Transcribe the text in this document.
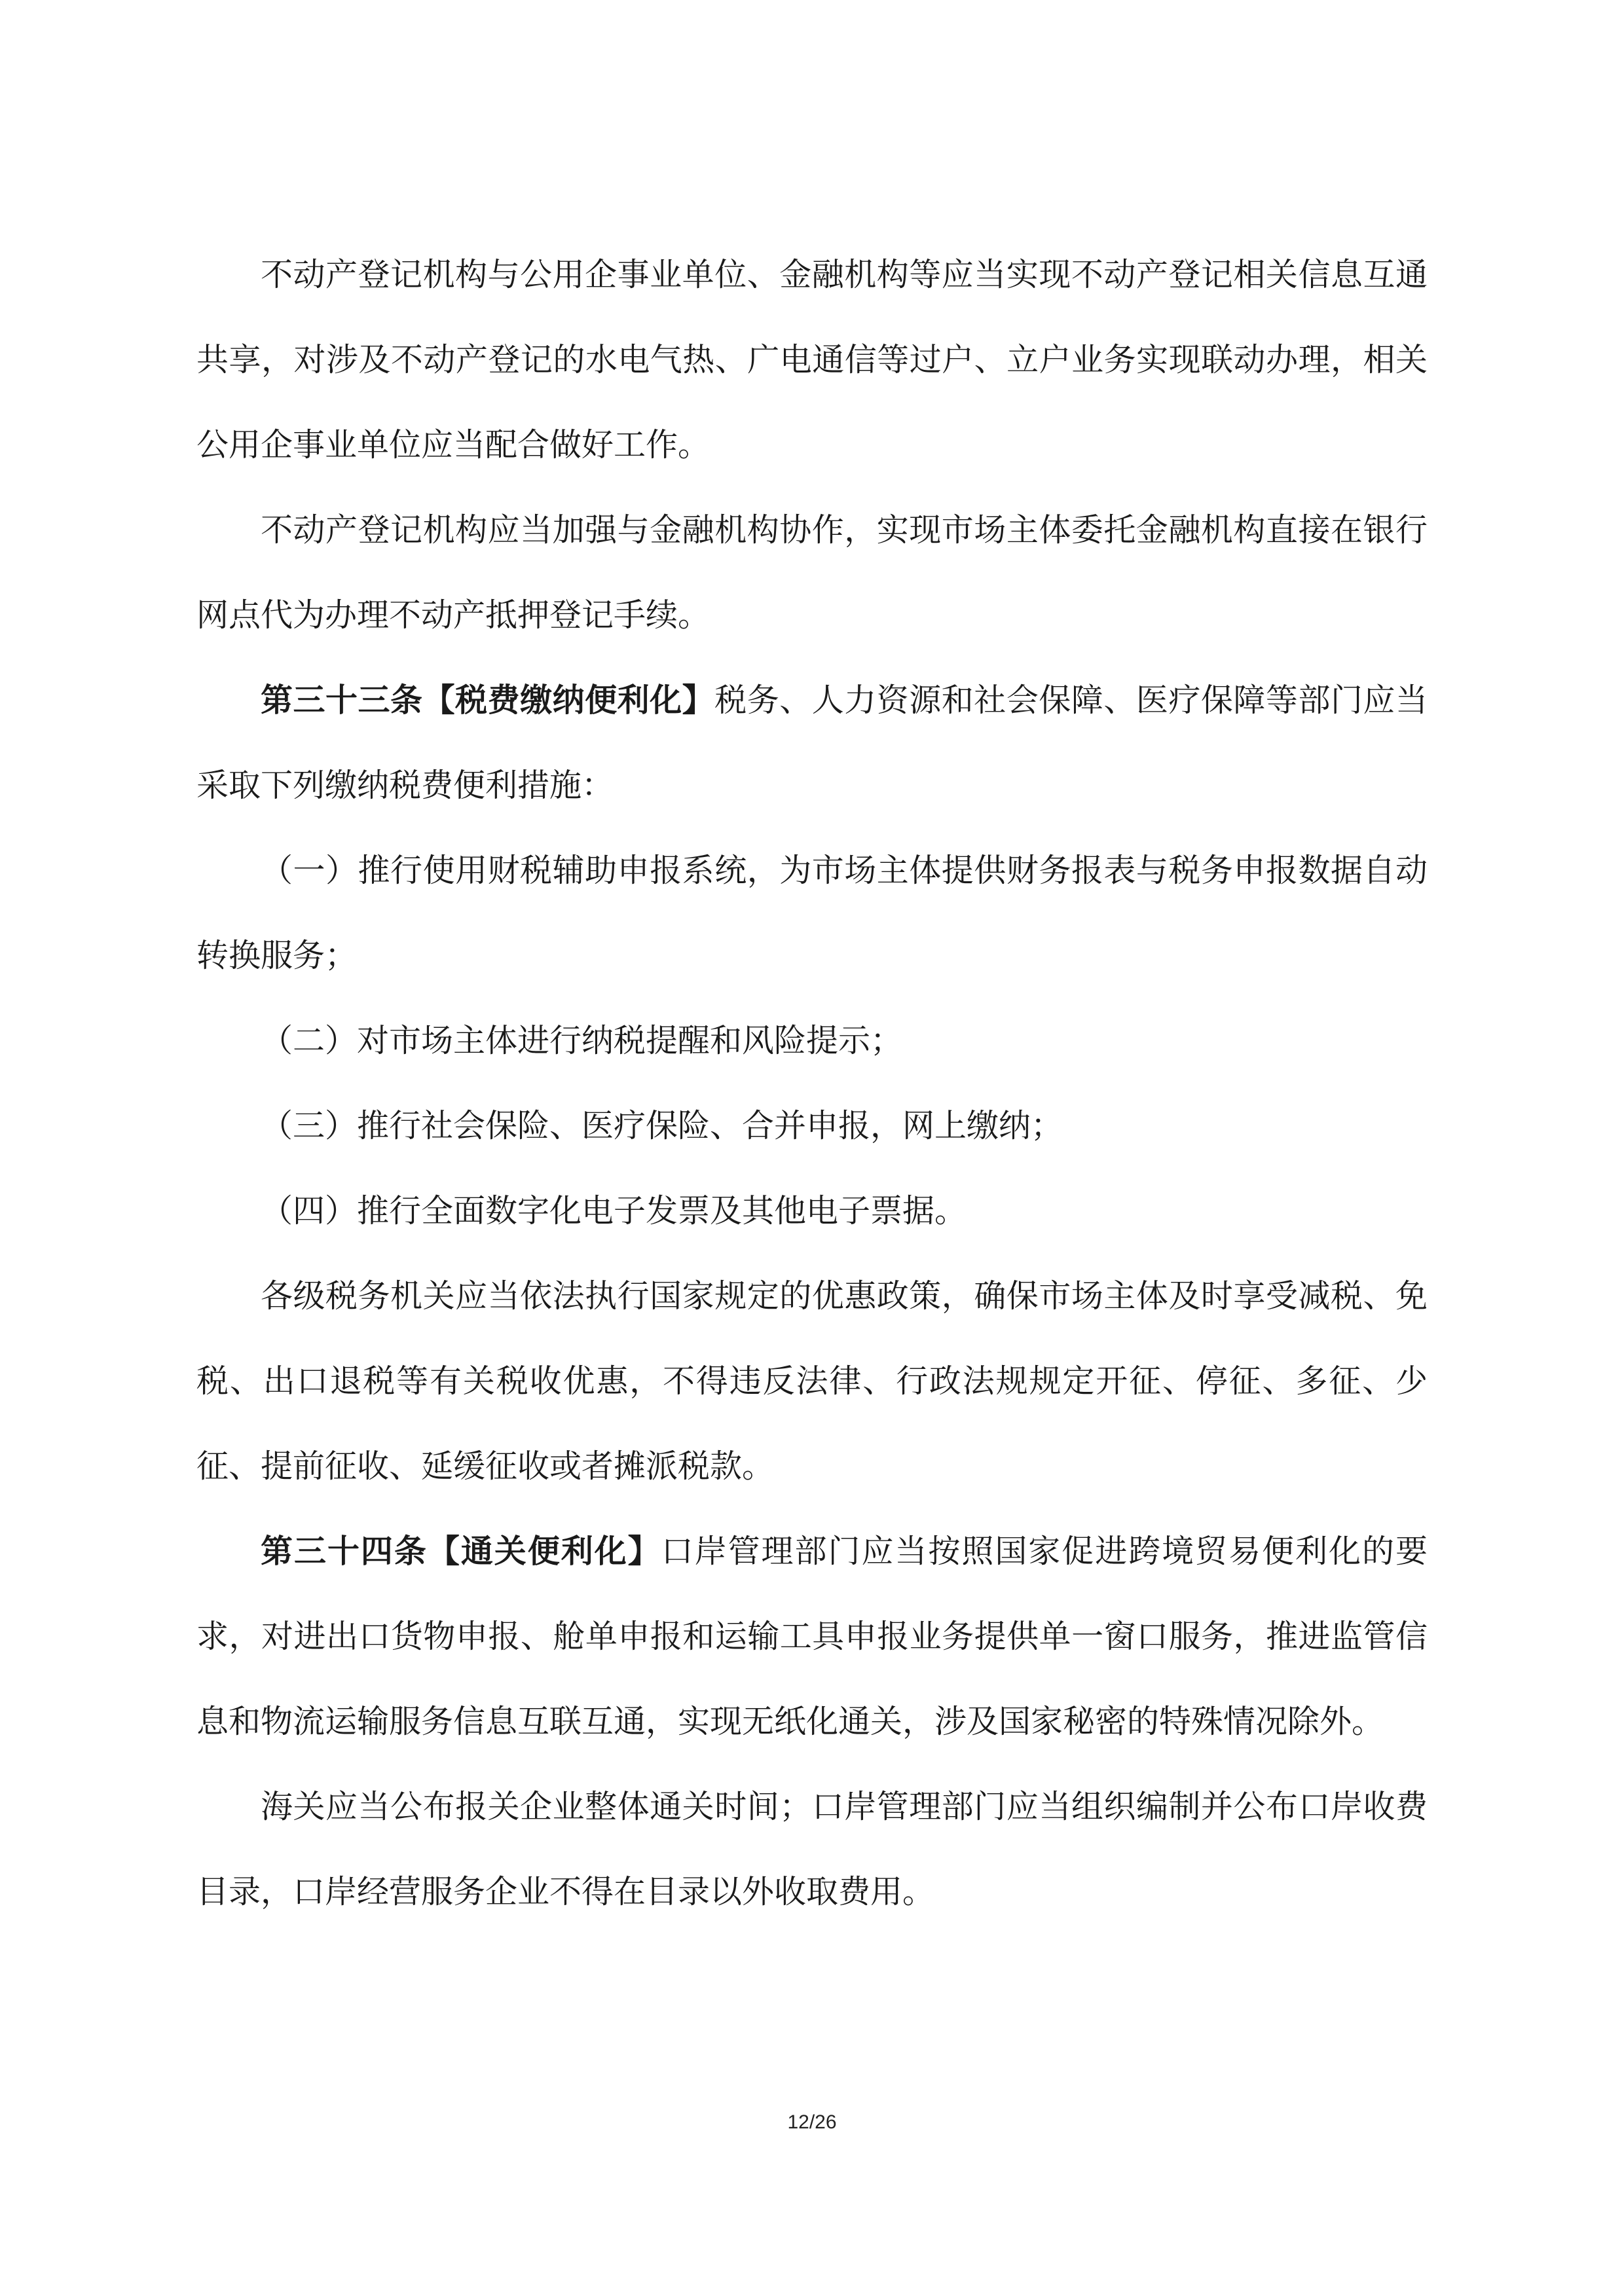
不动产登记机构与公用企事业单位、金融机构等应当实现不动产登记相关信息互通共享，对涉及不动产登记的水电气热、广电通信等过户、立户业务实现联动办理，相关公用企事业单位应当配合做好工作。

不动产登记机构应当加强与金融机构协作，实现市场主体委托金融机构直接在银行网点代为办理不动产抵押登记手续。

第三十三条【税费缴纳便利化】税务、人力资源和社会保障、医疗保障等部门应当采取下列缴纳税费便利措施：

（一）推行使用财税辅助申报系统，为市场主体提供财务报表与税务申报数据自动转换服务；

（二）对市场主体进行纳税提醒和风险提示；

（三）推行社会保险、医疗保险、合并申报，网上缴纳；

（四）推行全面数字化电子发票及其他电子票据。

各级税务机关应当依法执行国家规定的优惠政策，确保市场主体及时享受减税、免税、出口退税等有关税收优惠，不得违反法律、行政法规规定开征、停征、多征、少征、提前征收、延缓征收或者摊派税款。

第三十四条【通关便利化】口岸管理部门应当按照国家促进跨境贸易便利化的要求，对进出口货物申报、舱单申报和运输工具申报业务提供单一窗口服务，推进监管信息和物流运输服务信息互联互通，实现无纸化通关，涉及国家秘密的特殊情况除外。

海关应当公布报关企业整体通关时间；口岸管理部门应当组织编制并公布口岸收费目录，口岸经营服务企业不得在目录以外收取费用。

12/26
